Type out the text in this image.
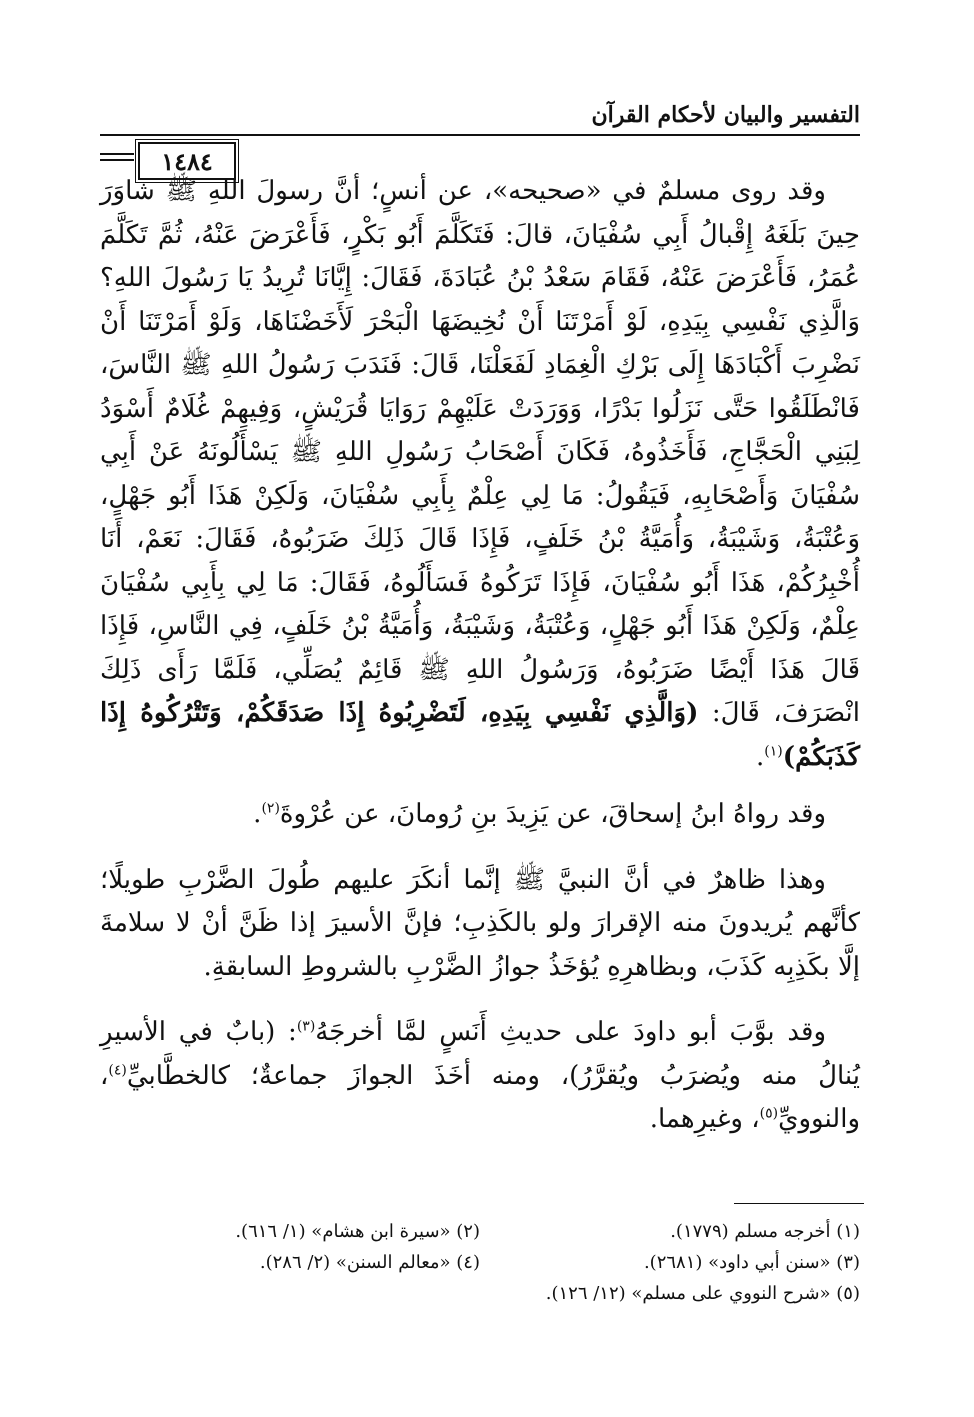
التفسير والبيان لأحكام القرآن
١٤٨٤

وقد روى مسلمٌ في «صحيحه»، عن أنسٍ؛ أنَّ رسولَ اللهِ ﷺ شاوَرَ حِينَ بَلَغَهُ إِقْبالُ أَبِي سُفْيَانَ، قالَ: فَتَكَلَّمَ أَبُو بَكْرٍ، فَأَعْرَضَ عَنْهُ، ثُمَّ تَكَلَّمَ عُمَرُ، فَأَعْرَضَ عَنْهُ، فَقَامَ سَعْدُ بْنُ عُبَادَةَ، فَقَالَ: إِيَّانَا تُرِيدُ يَا رَسُولَ اللهِ؟ وَالَّذِي نَفْسِي بِيَدِهِ، لَوْ أَمَرْتَنَا أَنْ نُخِيضَهَا الْبَحْرَ لَأَخَضْنَاهَا، وَلَوْ أَمَرْتَنَا أَنْ نَضْرِبَ أَكْبَادَهَا إِلَى بَرْكِ الْغِمَادِ لَفَعَلْنَا، قَالَ: فَنَدَبَ رَسُولُ اللهِ ﷺ النَّاسَ، فَانْطَلَقُوا حَتَّى نَزَلُوا بَدْرًا، وَوَرَدَتْ عَلَيْهِمْ رَوَايَا قُرَيْشٍ، وَفِيهِمْ غُلَامٌ أَسْوَدُ لِبَنِي الْحَجَّاجِ، فَأَخَذُوهُ، فَكَانَ أَصْحَابُ رَسُولِ اللهِ ﷺ يَسْأَلُونَهُ عَنْ أَبِي سُفْيَانَ وَأَصْحَابِهِ، فَيَقُولُ: مَا لِي عِلْمٌ بِأَبِي سُفْيَانَ، وَلَكِنْ هَذَا أَبُو جَهْلٍ، وَعُتْبَةُ، وَشَيْبَةُ، وَأُمَيَّةُ بْنُ خَلَفٍ، فَإِذَا قَالَ ذَلِكَ ضَرَبُوهُ، فَقَالَ: نَعَمْ، أَنَا أُخْبِرُكُمْ، هَذَا أَبُو سُفْيَانَ، فَإِذَا تَرَكُوهُ فَسَأَلُوهُ، فَقَالَ: مَا لِي بِأَبِي سُفْيَانَ عِلْمٌ، وَلَكِنْ هَذَا أَبُو جَهْلٍ، وَعُتْبَةُ، وَشَيْبَةُ، وَأُمَيَّةُ بْنُ خَلَفٍ، فِي النَّاسِ، فَإِذَا قَالَ هَذَا أَيْضًا ضَرَبُوهُ، وَرَسُولُ اللهِ ﷺ قَائِمٌ يُصَلِّي، فَلَمَّا رَأَى ذَلِكَ انْصَرَفَ، قَالَ: (وَالَّذِي نَفْسِي بِيَدِهِ، لَتَضْرِبُوهُ إِذَا صَدَقَكُمْ، وَتَتْرُكُوهُ إِذَا كَذَبَكُمْ)$^{(١)}$.

وقد رواهُ ابنُ إسحاقَ، عن يَزِيدَ بنِ رُومانَ، عن عُرْوةَ$^{(٢)}$.

وهذا ظاهرٌ في أنَّ النبيَّ ﷺ إنَّما أنكَرَ عليهم طُولَ الضَّرْبِ طويلًا؛ كأنَّهم يُريدونَ منه الإقرارَ ولو بالكَذِبِ؛ فإنَّ الأسيرَ إذا ظَنَّ أنْ لا سلامةَ إلَّا بكَذِبِه كَذَبَ، وبظاهرِهِ يُؤخَذُ جوازُ الضَّرْبِ بالشروطِ السابقةِ.

وقد بوَّبَ أبو داودَ على حديثِ أَنَسٍ لمَّا أخرجَهُ$^{(٣)}$: (بابٌ في الأسيرِ يُنالُ منه ويُضرَبُ ويُقرَّرُ)، ومنه أخَذَ الجوازَ جماعةٌ؛ كالخطَّابيِّ$^{(٤)}$، والنوويِّ$^{(٥)}$، وغيرِهما.

(١) أخرجه مسلم (١٧٧٩).
(٢) «سيرة ابن هشام» (١/ ٦١٦).
(٣) «سنن أبي داود» (٢٦٨١).
(٤) «معالم السنن» (٢/ ٢٨٦).
(٥) «شرح النووي على مسلم» (١٢/ ١٢٦).
